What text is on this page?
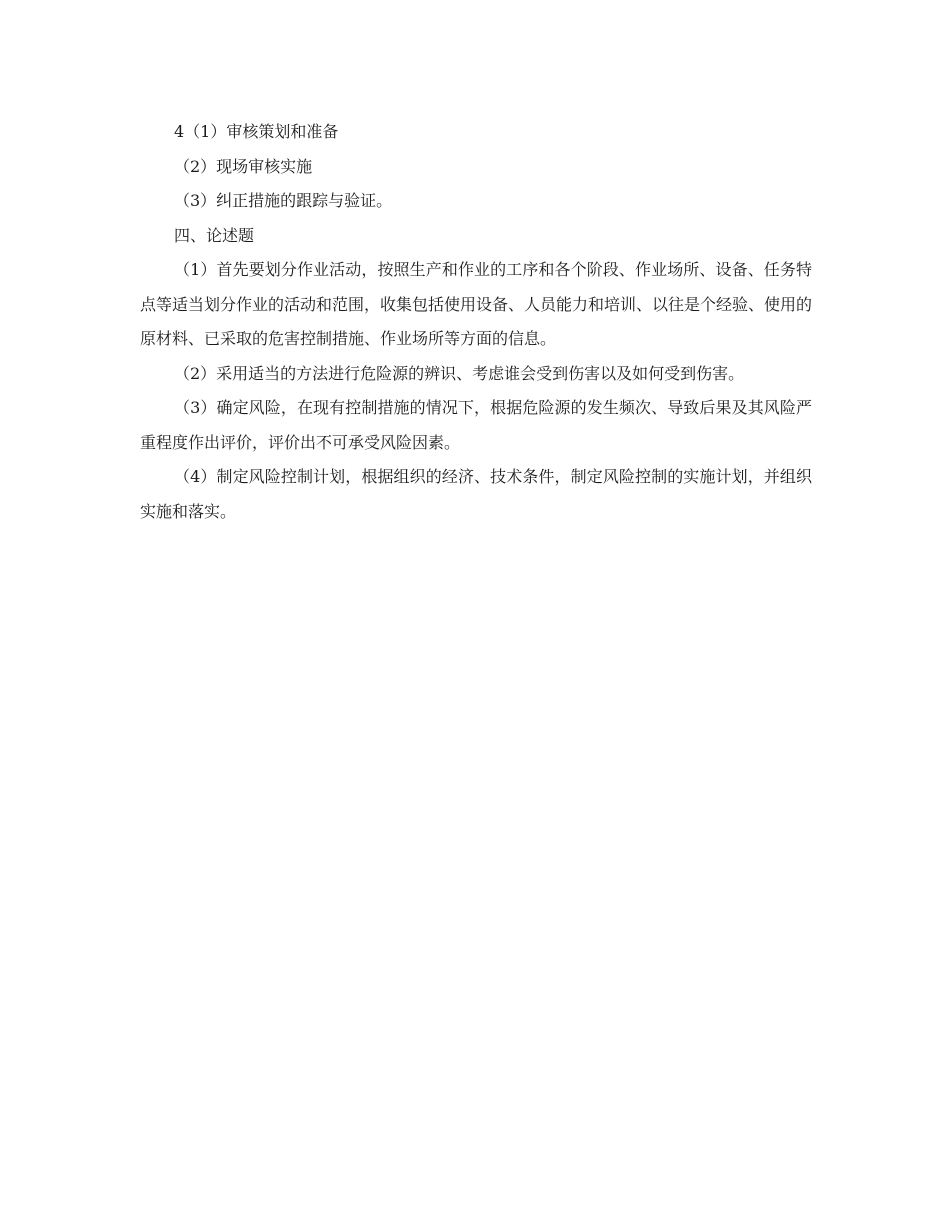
4（1）审核策划和准备

（2）现场审核实施

（3）纠正措施的跟踪与验证。

四、论述题

（1）首先要划分作业活动，按照生产和作业的工序和各个阶段、作业场所、设备、任务特点等适当划分作业的活动和范围，收集包括使用设备、人员能力和培训、以往是个经验、使用的原材料、已采取的危害控制措施、作业场所等方面的信息。

（2）采用适当的方法进行危险源的辨识、考虑谁会受到伤害以及如何受到伤害。

（3）确定风险，在现有控制措施的情况下，根据危险源的发生频次、导致后果及其风险严重程度作出评价，评价出不可承受风险因素。

（4）制定风险控制计划，根据组织的经济、技术条件，制定风险控制的实施计划，并组织实施和落实。
